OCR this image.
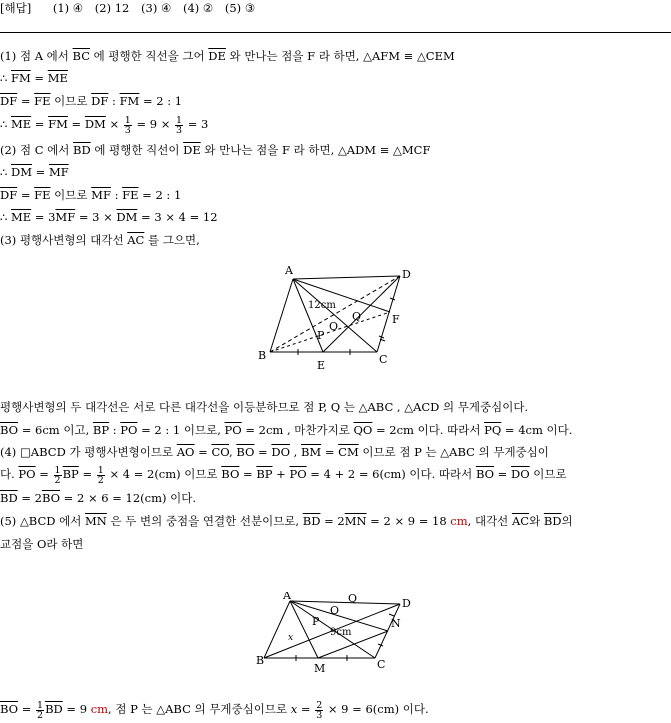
[해답] (1) ④ (2) 12 (3) ④ (4) ② (5) ③
(1) 점 A 에서 $\overline{BC}$ 에 평행한 직선을 그어 $\overline{DE}$ 와 만나는 점을 F 라 하면, △AFM ≡ △CEM
∴ $\overline{FM} = \overline{ME}$
$\overline{DF} = \overline{FE}$ 이므로 $\overline{DF}$ : $\overline{FM} = 2$ : 1
∴ $\overline{ME} = \overline{FM} = \overline{DM} \times \frac{1}{3} = 9 \times \frac{1}{3} = 3$
(2) 점 C 에서 $\overline{BD}$ 에 평행한 직선이 $\overline{DE}$ 와 만나는 점을 F 라 하면, △ADM ≡ △MCF
∴ $\overline{DM} = \overline{MF}$
$\overline{DF} = \overline{FE}$ 이므로 $\overline{MF}$ : $\overline{FE} = 2$ : 1
∴ $\overline{ME} = 3\overline{MF} = 3 \times \overline{DM} = 3 \times 4 = 12$
(3) 평행사변형의 대각선 $\overline{AC}$ 를 그으면,
A	D
B	C
E
F
P
Q
O
12cm
평행사변형의 두 대각선은 서로 다른 대각선을 이등분하므로 점 P, Q 는 △ABC , △ACD 의 무게중심이다.
$\overline{BO} = 6cm$ 이고, $\overline{BP}$ : $\overline{PO} = 2$ : 1 이므로, $\overline{PO} = 2cm$ , 마찬가지로 $\overline{QO} = 2cm$ 이다. 따라서 $\overline{PQ} = 4cm$ 이다.
(4) □ABCD 가 평행사변형이므로 $\overline{AO} = \overline{CO}$, $\overline{BO} = \overline{DO}$ , $\overline{BM} = \overline{CM}$ 이므로 점 P 는 △ABC 의 무게중심이
다. $\overline{PO} = \frac{1}{2} \overline{BP} = \frac{1}{2} \times 4 = 2(cm)$ 이므로 $\overline{BO} = \overline{BP} + \overline{PO} = 4 + 2 = 6(cm)$ 이다. 따라서 $\overline{BO} = \overline{DO}$ 이므로
$\overline{BD} = 2\overline{BO} = 2 \times 6 = 12(cm)$ 이다.
(5) △BCD 에서 $\overline{MN}$ 은 두 변의 중점을 연결한 선분이므로, $\overline{BD} = 2\overline{MN} = 2 \times 9 = 18$ cm, 대각선 $\overline{AC}$와 $\overline{BD}$의
교점을 O라 하면
A
D
B	C
M
N
P
Q
O
x	9cm
$\overline{BO} = \frac{1}{2} \overline{BD} = 9$ cm, 점 P 는 △ABC 의 무게중심이므로 $x = \frac{2}{3} \times 9 = 6(cm)$ 이다.
